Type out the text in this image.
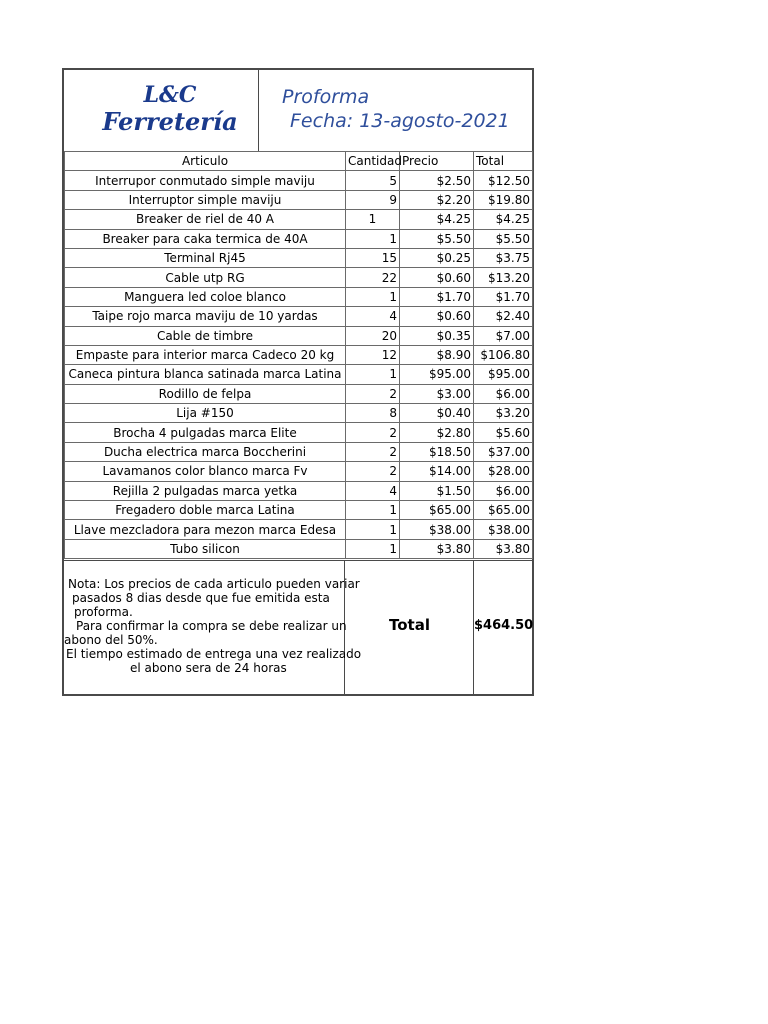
L&C
Ferretería
Proforma
Fecha: 13-agosto-2021
Articulo	Cantidad	Precio	Total
Interrupor conmutado simple maviju	5	$2.50	$12.50
Interruptor simple maviju	9	$2.20	$19.80
Breaker de riel de 40 A	1	$4.25	$4.25
Breaker para caka termica de 40A	1	$5.50	$5.50
Terminal Rj45	15	$0.25	$3.75
Cable utp RG	22	$0.60	$13.20
Manguera led coloe blanco	1	$1.70	$1.70
Taipe rojo marca maviju de 10 yardas	4	$0.60	$2.40
Cable de timbre	20	$0.35	$7.00
Empaste para interior marca Cadeco 20 kg	12	$8.90	$106.80
Caneca pintura blanca satinada marca Latina	1	$95.00	$95.00
Rodillo de felpa	2	$3.00	$6.00
Lija #150	8	$0.40	$3.20
Brocha 4 pulgadas marca Elite	2	$2.80	$5.60
Ducha electrica marca Boccherini	2	$18.50	$37.00
Lavamanos color blanco marca Fv	2	$14.00	$28.00
Rejilla 2 pulgadas marca yetka	4	$1.50	$6.00
Fregadero doble marca Latina	1	$65.00	$65.00
Llave mezcladora para mezon marca Edesa	1	$38.00	$38.00
Tubo silicon	1	$3.80	$3.80
Nota: Los precios de cada articulo pueden variar
pasados 8 dias desde que fue emitida esta
proforma.
Para confirmar la compra se debe realizar un
abono del 50%.
El tiempo estimado de entrega una vez realizado
el abono sera de 24 horas
Total	$464.50
